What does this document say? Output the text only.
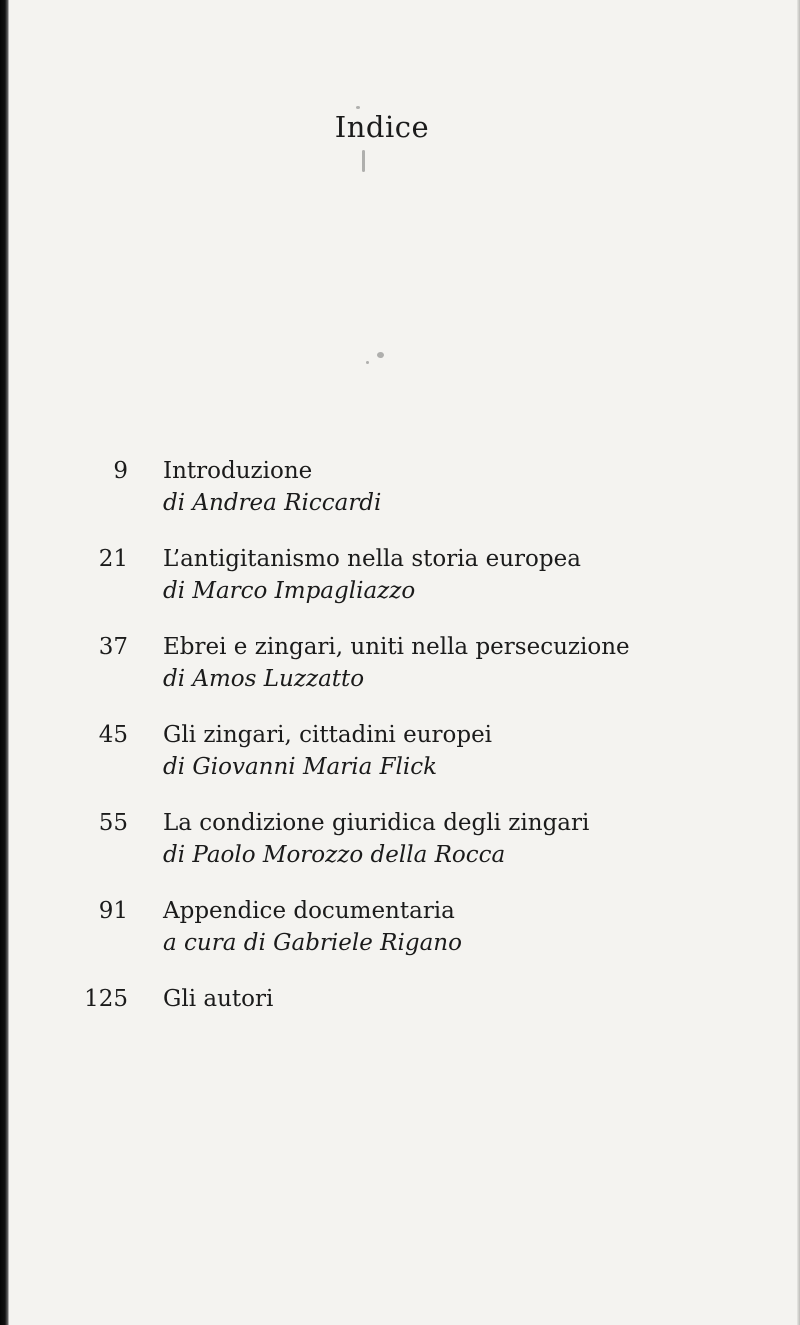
Indice
9 Introduzione
di Andrea Riccardi
21 L’antigitanismo nella storia europea
di Marco Impagliazzo
37 Ebrei e zingari, uniti nella persecuzione
di Amos Luzzatto
45 Gli zingari, cittadini europei
di Giovanni Maria Flick
55 La condizione giuridica degli zingari
di Paolo Morozzo della Rocca
91 Appendice documentaria
a cura di Gabriele Rigano
125 Gli autori
